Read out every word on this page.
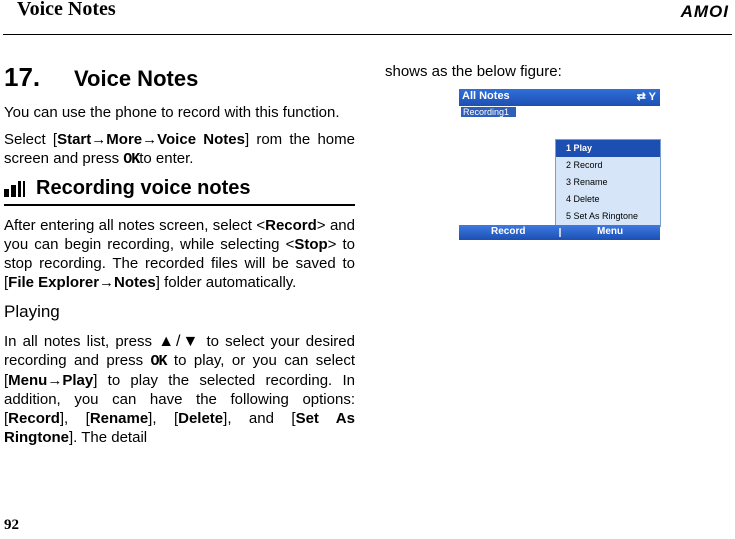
Voice Notes	AMOI
17.	Voice Notes

You can use the phone to record with this function.

Select [Start→More→Voice Notes] rom the home screen and press OKto enter.

Recording voice notes

After entering all notes screen, select <Record> and you can begin recording, while selecting <Stop> to stop recording. The recorded files will be saved to [File Explorer→Notes] folder automatically.

Playing

In all notes list, press ▲/▼ to select your desired recording and press OK to play, or you can select [Menu→Play] to play the selected recording. In addition, you can have the following options: [Record], [Rename], [Delete], and [Set As Ringtone]. The detail

shows as the below figure:

All Notes	⇄ Y
Recording1
1 Play
2 Record
3 Rename
4 Delete
5 Set As Ringtone
Record	Menu
92
